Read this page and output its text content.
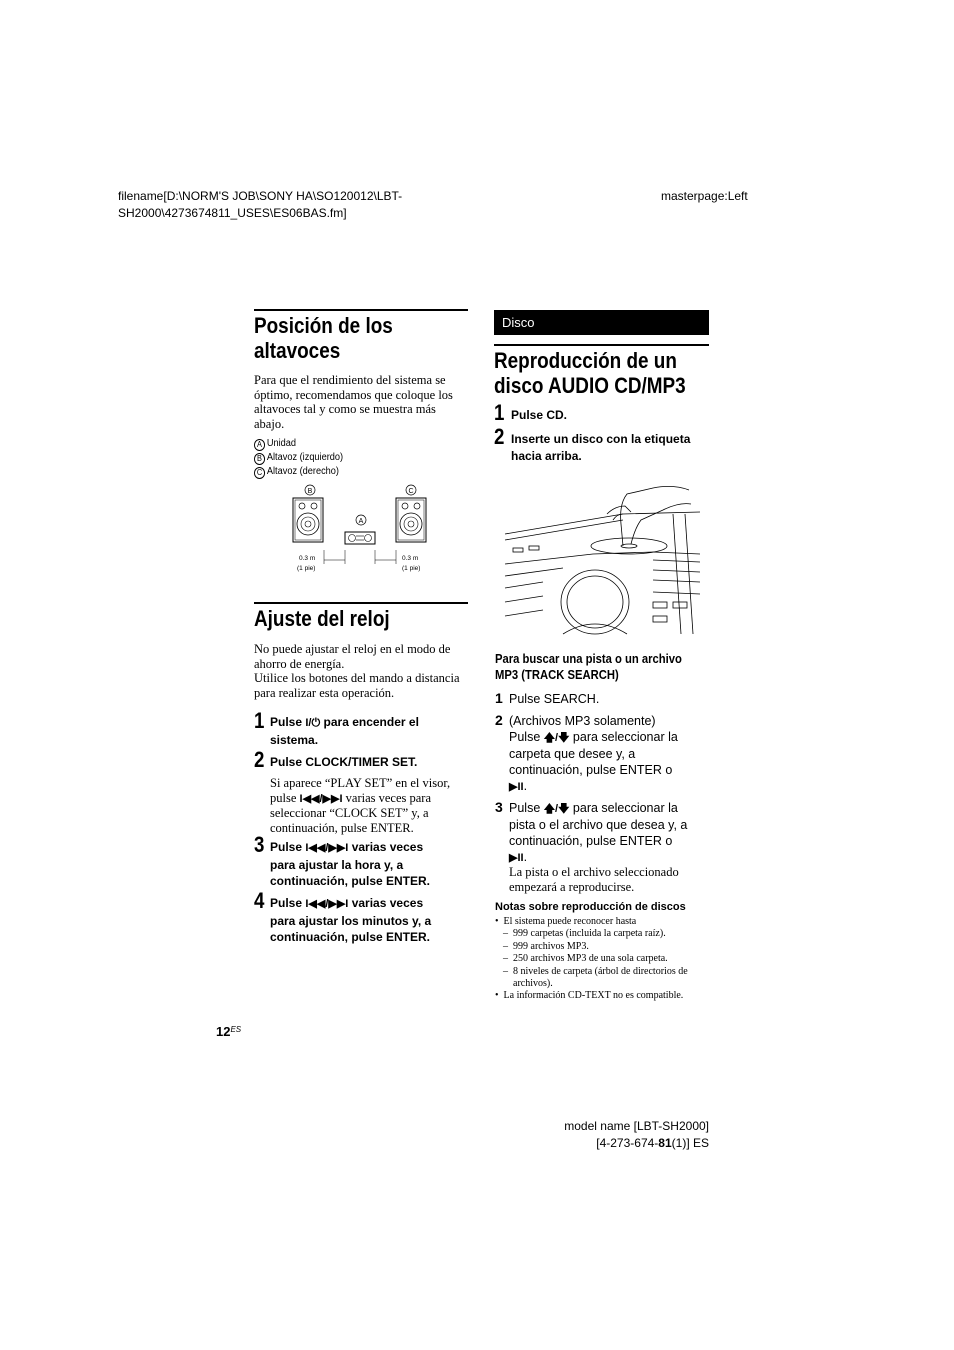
filename[D:\NORM'S JOB\SONY HA\SO120012\LBT-
SH2000\4273674811_USES\ES06BAS.fm]
masterpage:Left
Posición de los
altavoces
Para que el rendimiento del sistema se
óptimo, recomendamos que coloque los
altavoces tal y como se muestra más
abajo.
A Unidad
B Altavoz (izquierdo)
C Altavoz (derecho)
B	C
A
0.3 m
(1 pie)
0.3 m
(1 pie)
Ajuste del reloj
No puede ajustar el reloj en el modo de
ahorro de energía.
Utilice los botones del mando a distancia
para realizar esta operación.
1 Pulse I/⏻ para encender el
sistema.
2 Pulse CLOCK/TIMER SET.
Si aparece “PLAY SET” en el visor,
pulse I◀◀/▶▶I varias veces para
seleccionar “CLOCK SET” y, a
continuación, pulse ENTER.
3 Pulse I◀◀/▶▶I varias veces
para ajustar la hora y, a
continuación, pulse ENTER.
4 Pulse I◀◀/▶▶I varias veces
para ajustar los minutos y, a
continuación, pulse ENTER.
$12^{ES}$
Disco
Reproducción de un
disco AUDIO CD/MP3
1 Pulse CD.
2 Inserte un disco con la etiqueta
hacia arriba.
Para buscar una pista o un archivo
MP3 (TRACK SEARCH)
1 Pulse SEARCH.
2 (Archivos MP3 solamente)
Pulse 🡅/🡇 para seleccionar la
carpeta que desee y, a
continuación, pulse ENTER o
▶II.
3 Pulse 🡅/🡇 para seleccionar la
pista o el archivo que desea y, a
continuación, pulse ENTER o
▶II.
La pista o el archivo seleccionado
empezará a reproducirse.
Notas sobre reproducción de discos
•  El sistema puede reconocer hasta
–  999 carpetas (incluida la carpeta raíz).
–  999 archivos MP3.
–  250 archivos MP3 de una sola carpeta.
–  8 niveles de carpeta (árbol de directorios de
archivos).
•  La información CD-TEXT no es compatible.
model name [LBT-SH2000]
[4-273-674-81(1)] ES
